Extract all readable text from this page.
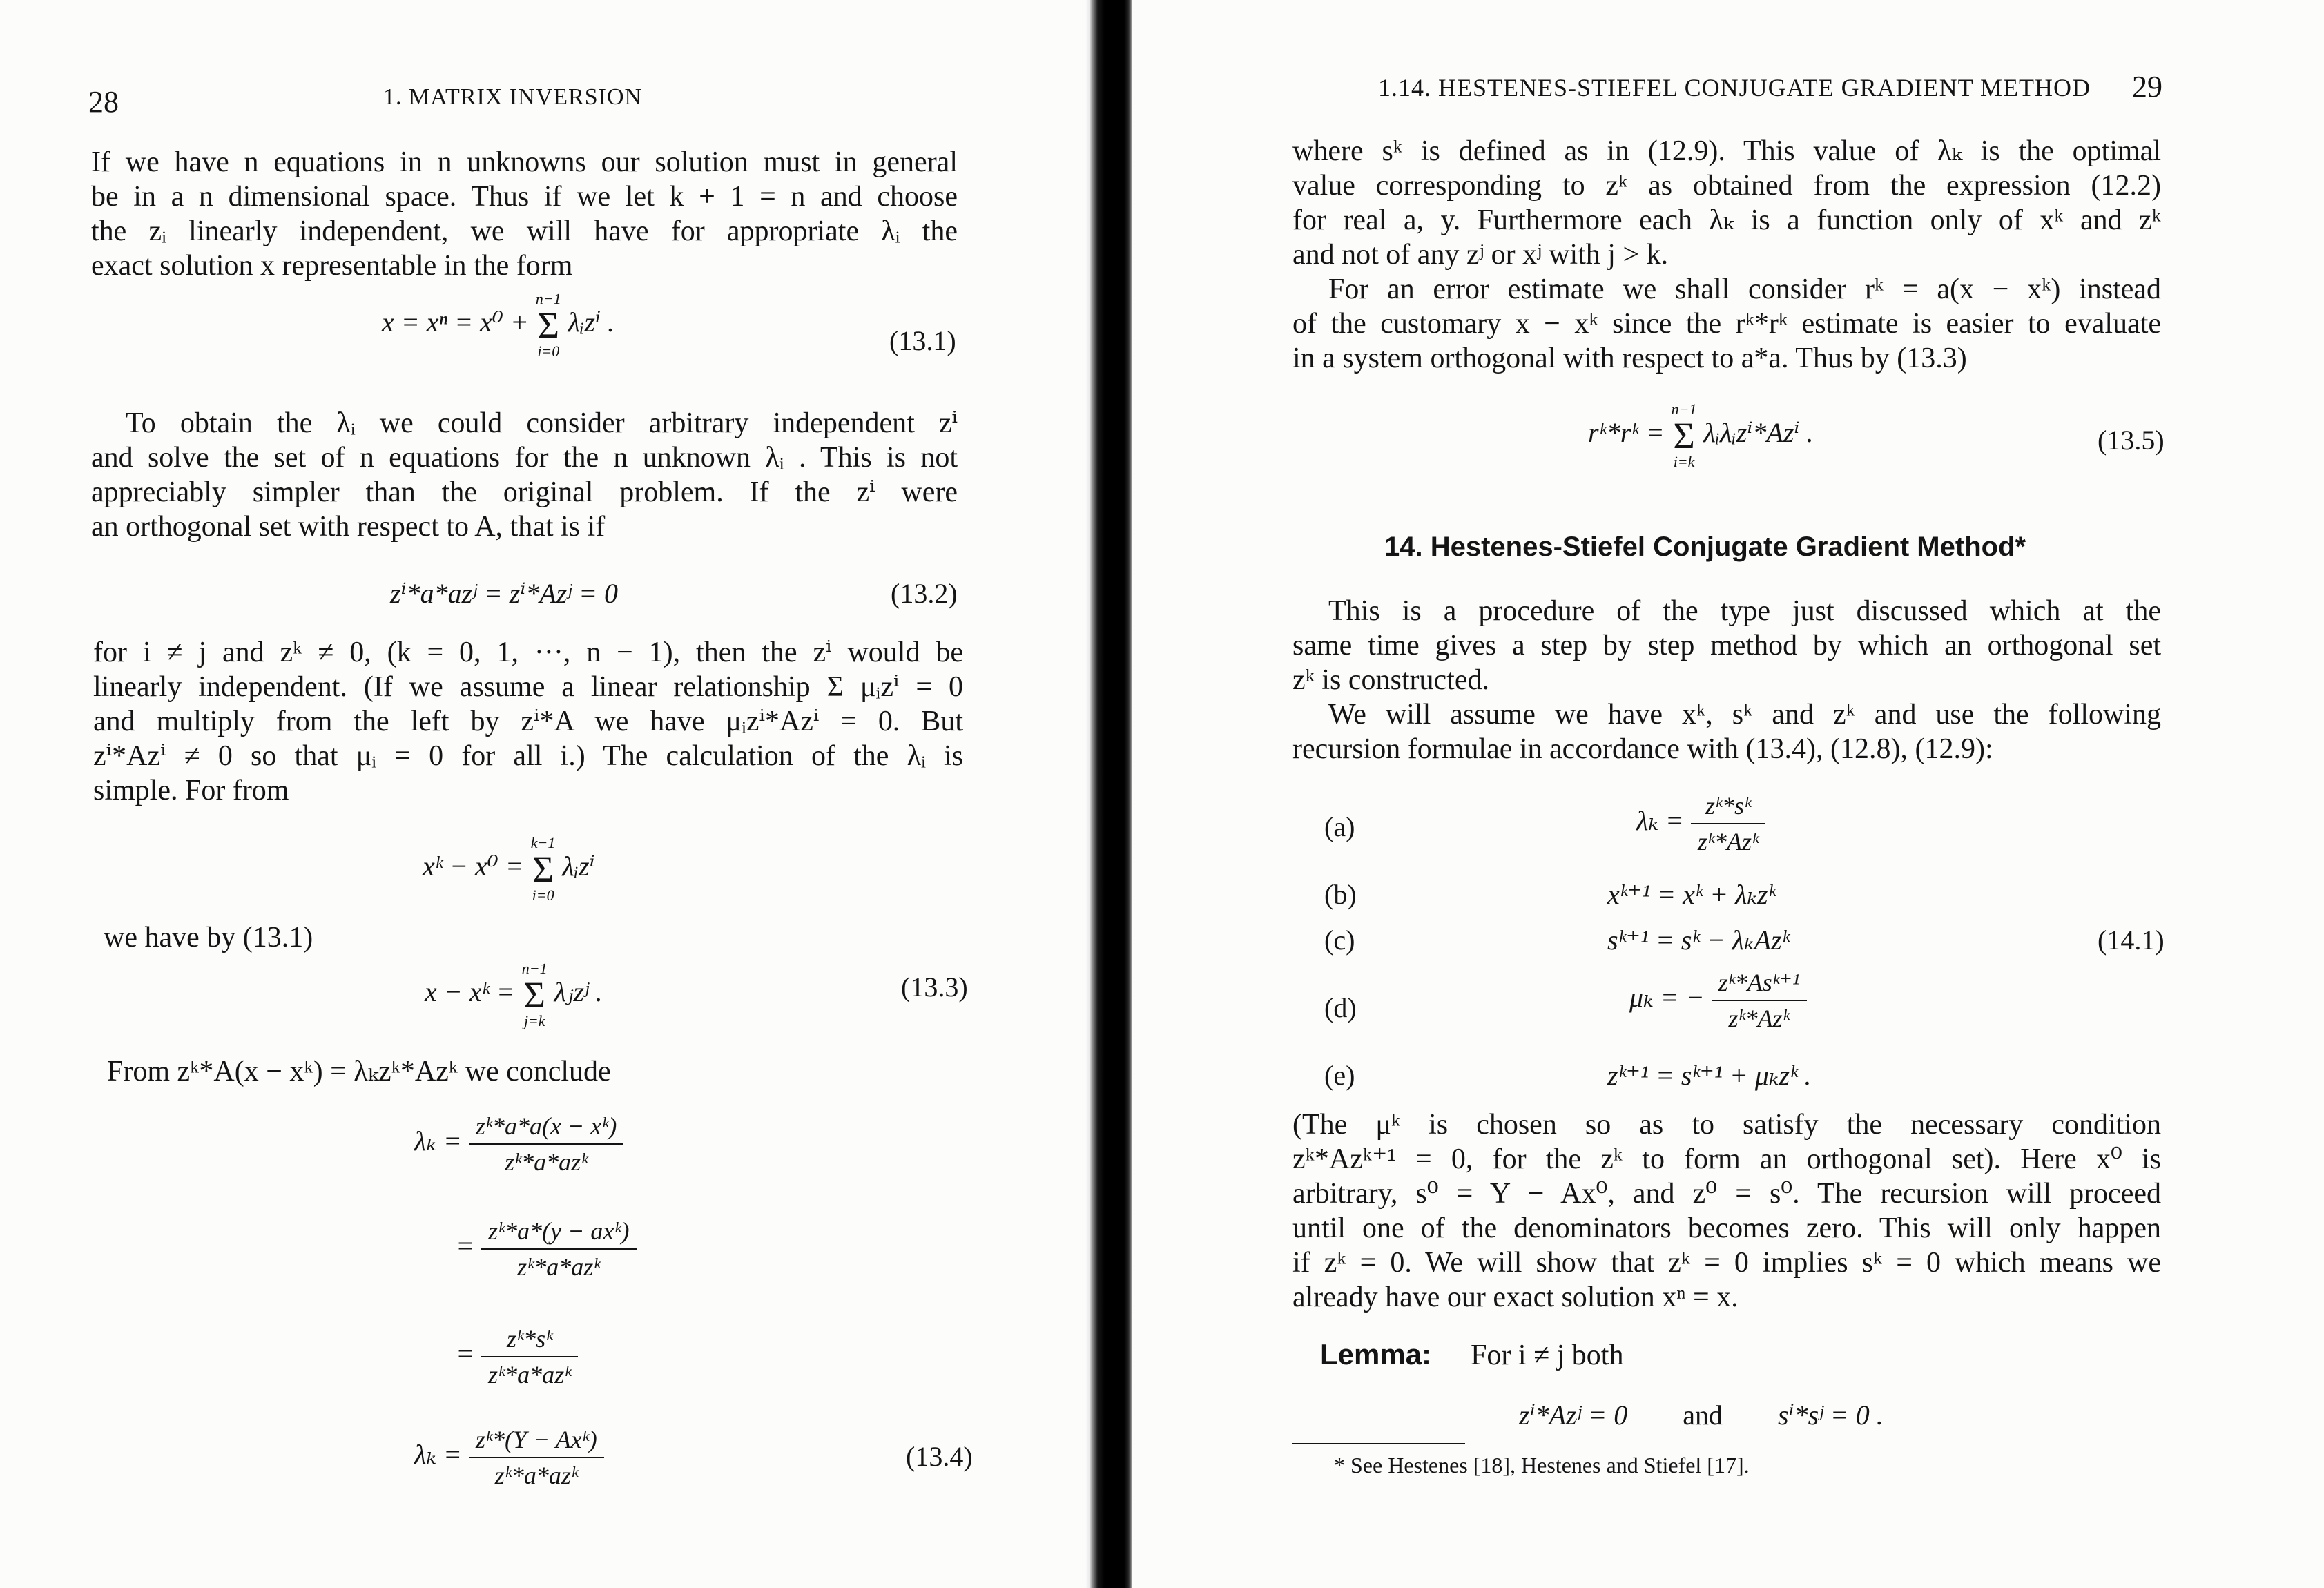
28	1. MATRIX INVERSION
If we have n equations in n unknowns our solution must in general
be in a n dimensional space. Thus if we let k + 1 = n and choose
the zᵢ linearly independent, we will have for appropriate λᵢ the
exact solution x representable in the form
x = xⁿ = x⁰ +
n−1
Σ
i=0
λᵢzⁱ .
(13.1)
To obtain the λᵢ we could consider arbitrary independent zⁱ
and solve the set of n equations for the n unknown λᵢ . This is not
appreciably simpler than the original problem. If the zⁱ were
an orthogonal set with respect to A, that is if
zⁱ*a*azʲ = zⁱ*Azʲ = 0	(13.2)
for i ≠ j and zᵏ ≠ 0, (k = 0, 1, ···, n − 1), then the zⁱ would be
linearly independent. (If we assume a linear relationship Σ μᵢzⁱ = 0
and multiply from the left by zⁱ*A we have μᵢzⁱ*Azⁱ = 0. But
zⁱ*Azⁱ ≠ 0 so that μᵢ = 0 for all i.) The calculation of the λᵢ is
simple. For from
xᵏ − x⁰ =
k−1
Σ
i=0
λᵢzⁱ
we have by (13.1)
x − xᵏ =
n−1
Σ
j=k
λⱼzʲ .	(13.3)
From zᵏ*A(x − xᵏ) = λₖzᵏ*Azᵏ we conclude
$\lambda_k = \frac{\text{zᵏ*a*a(x − xᵏ)}}{\text{zᵏ*a*azᵏ}}$
= $\frac{\text{zᵏ*a*(y − axᵏ)}}{\text{zᵏ*a*azᵏ}}$
= $\frac{\text{zᵏ*sᵏ}}{\text{zᵏ*a*azᵏ}}$
$\lambda_k = \frac{\text{zᵏ*(Y − Axᵏ)}}{\text{zᵏ*a*azᵏ}}$	(13.4)
1.14. HESTENES-STIEFEL CONJUGATE GRADIENT METHOD 29
where sᵏ is defined as in (12.9). This value of λₖ is the optimal
value corresponding to zᵏ as obtained from the expression (12.2)
for real a, y. Furthermore each λₖ is a function only of xᵏ and zᵏ
and not of any zʲ or xʲ with j > k.
For an error estimate we shall consider rᵏ = a(x − xᵏ) instead
of the customary x − xᵏ since the rᵏ*rᵏ estimate is easier to evaluate
in a system orthogonal with respect to a*a. Thus by (13.3)
rᵏ*rᵏ =
n−1
Σ
i=k
λᵢλᵢzⁱ*Azⁱ .	(13.5)
14. Hestenes-Stiefel Conjugate Gradient Method*
This is a procedure of the type just discussed which at the
same time gives a step by step method by which an orthogonal set
zᵏ is constructed.
We will assume we have xᵏ, sᵏ and zᵏ and use the following
recursion formulae in accordance with (13.4), (12.8), (12.9):
(a)	$\lambda_k = \frac{\text{zᵏ*sᵏ}}{\text{zᵏ*Azᵏ}}$
(b)	xᵏ⁺¹ = xᵏ + λₖzᵏ
(c)	sᵏ⁺¹ = sᵏ − λₖAzᵏ	(14.1)
(d)	μₖ = − $\frac{\text{zᵏ*Asᵏ⁺¹}}{\text{zᵏ*Azᵏ}}$
(e)	zᵏ⁺¹ = sᵏ⁺¹ + μₖzᵏ .
(The μᵏ is chosen so as to satisfy the necessary condition
zᵏ*Azᵏ⁺¹ = 0, for the zᵏ to form an orthogonal set). Here x⁰ is
arbitrary, s⁰ = Y − Ax⁰, and z⁰ = s⁰. The recursion will proceed
until one of the denominators becomes zero. This will only happen
if zᵏ = 0. We will show that zᵏ = 0 implies sᵏ = 0 which means we
already have our exact solution xⁿ = x.
Lemma: For i ≠ j both
zⁱ*Azʲ = 0 and sⁱ*sʲ = 0 .
* See Hestenes [18], Hestenes and Stiefel [17].
